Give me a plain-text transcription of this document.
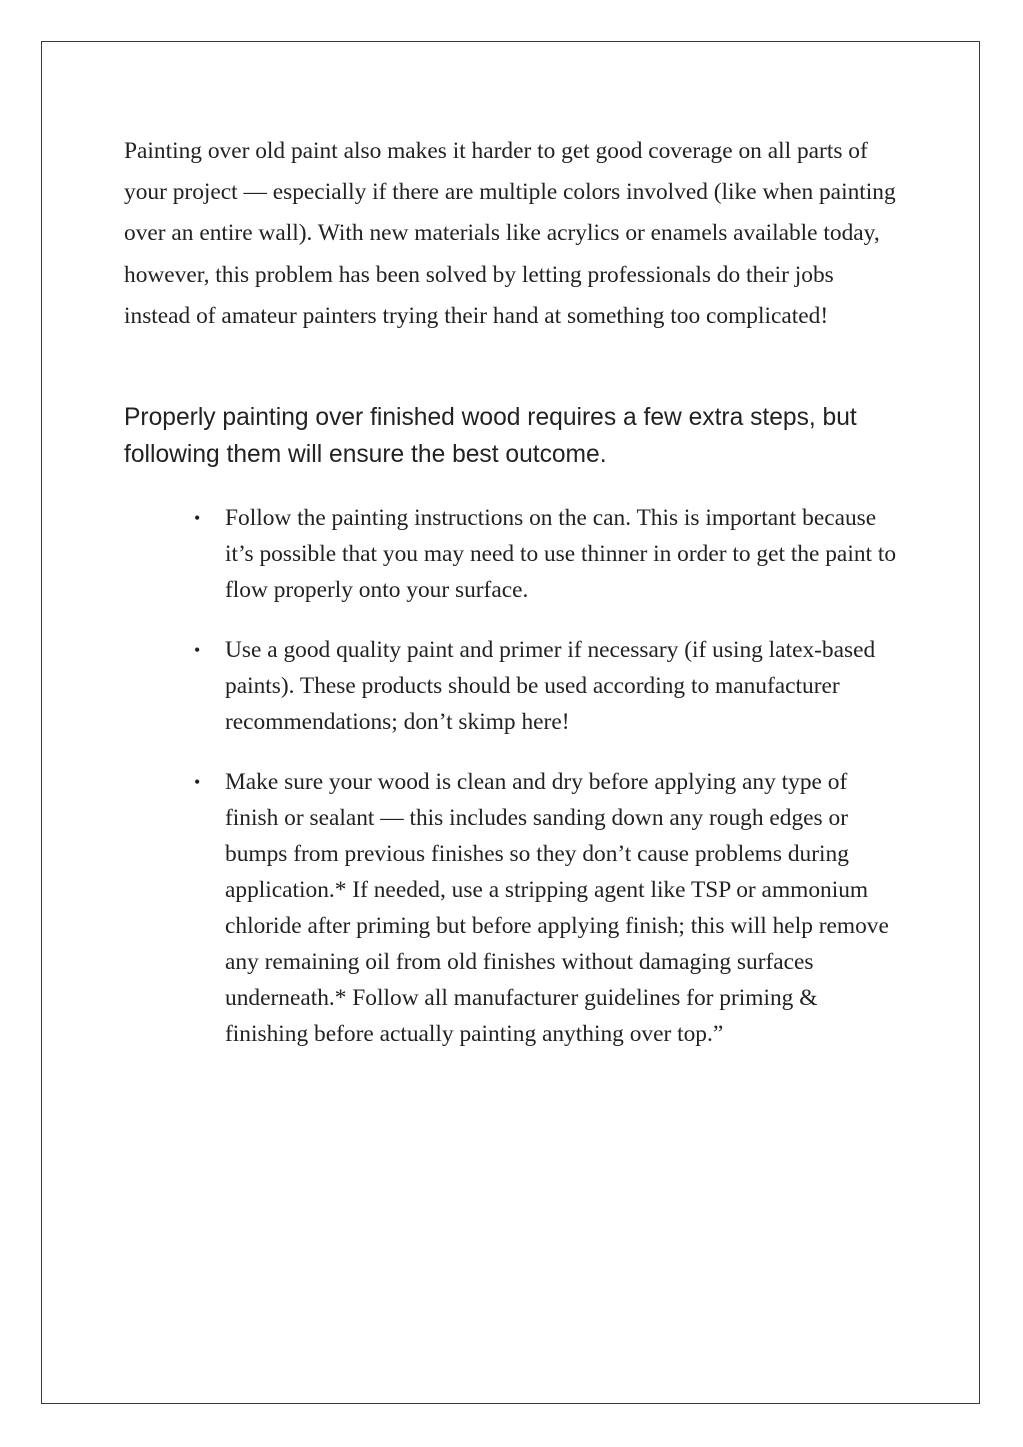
Painting over old paint also makes it harder to get good coverage on all parts of your project — especially if there are multiple colors involved (like when painting over an entire wall). With new materials like acrylics or enamels available today, however, this problem has been solved by letting professionals do their jobs instead of amateur painters trying their hand at something too complicated!

Properly painting over finished wood requires a few extra steps, but following them will ensure the best outcome.
• Follow the painting instructions on the can. This is important because it’s possible that you may need to use thinner in order to get the paint to flow properly onto your surface.
• Use a good quality paint and primer if necessary (if using latex-based paints). These products should be used according to manufacturer recommendations; don’t skimp here!
• Make sure your wood is clean and dry before applying any type of finish or sealant — this includes sanding down any rough edges or bumps from previous finishes so they don’t cause problems during application.* If needed, use a stripping agent like TSP or ammonium chloride after priming but before applying finish; this will help remove any remaining oil from old finishes without damaging surfaces underneath.* Follow all manufacturer guidelines for priming & finishing before actually painting anything over top.”
